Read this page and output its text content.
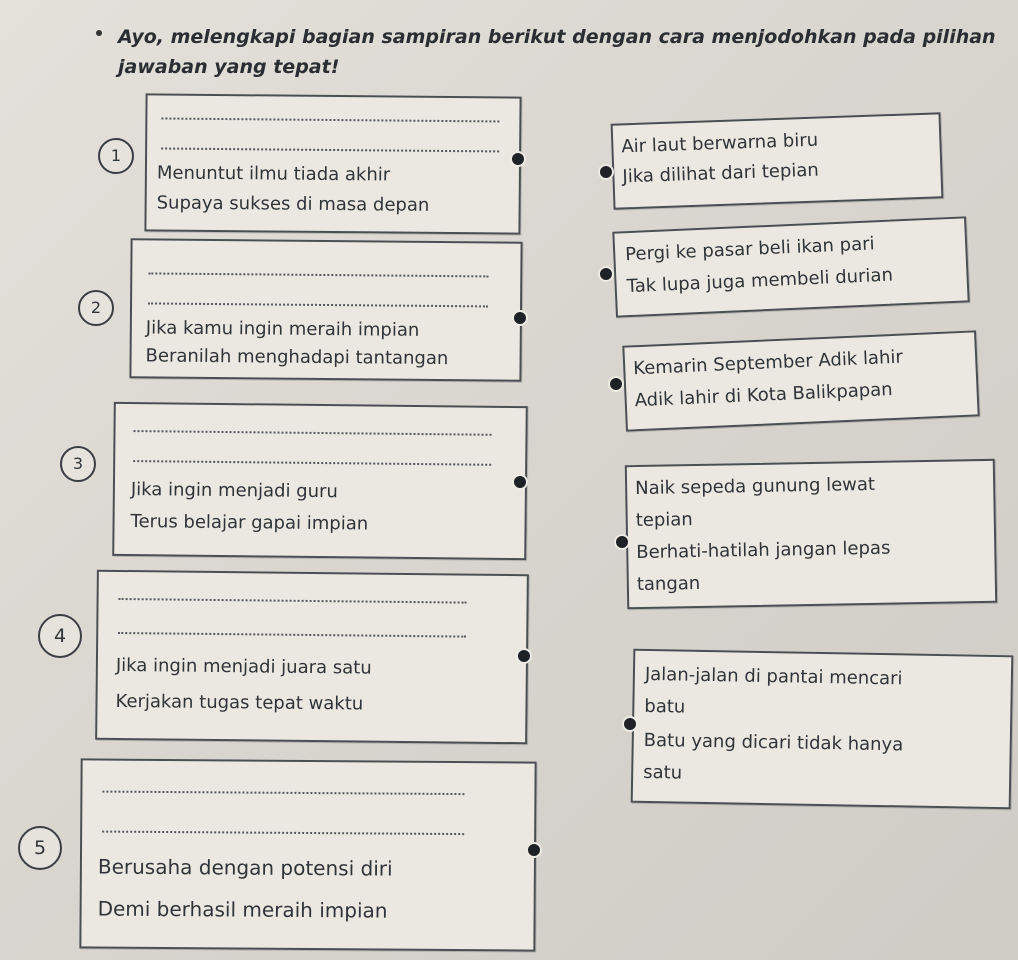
Ayo, melengkapi bagian sampiran berikut dengan cara menjodohkan pada pilihan jawaban yang tepat!
Menuntut ilmu tiada akhir
Supaya sukses di masa depan
1
Jika kamu ingin meraih impian
Beranilah menghadapi tantangan
2
Jika ingin menjadi guru
Terus belajar gapai impian
3
Jika ingin menjadi juara satu
Kerjakan tugas tepat waktu
4
Berusaha dengan potensi diri
Demi berhasil meraih impian
5
Air laut berwarna biru
Jika dilihat dari tepian
Pergi ke pasar beli ikan pari
Tak lupa juga membeli durian
Kemarin September Adik lahir
Adik lahir di Kota Balikpapan
Naik sepeda gunung lewat
tepian
Berhati-hatilah jangan lepas
tangan
Jalan-jalan di pantai mencari
batu
Batu yang dicari tidak hanya
satu
